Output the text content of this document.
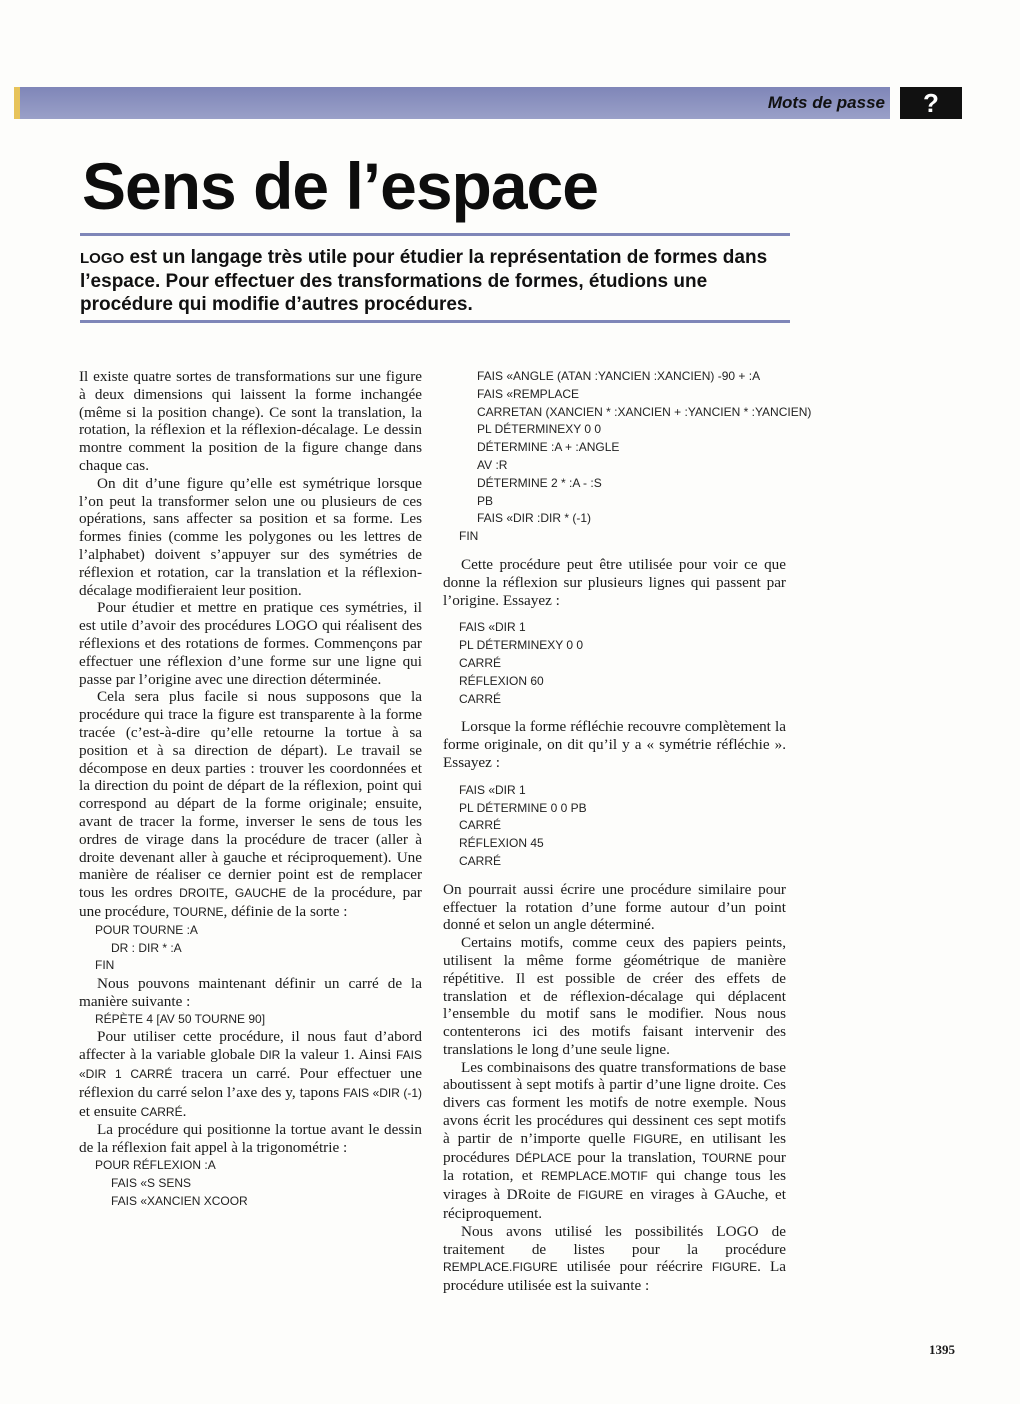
Mots de passe	?
Sens de l’espace
LOGO est un langage très utile pour étudier la représentation de formes dans l’espace. Pour effectuer des transformations de formes, étudions une procédure qui modifie d’autres procédures.

Il existe quatre sortes de transformations sur une figure à deux dimensions qui laissent la forme inchangée (même si la position change). Ce sont la translation, la rotation, la réflexion et la réflexion-décalage. Le dessin montre comment la position de la figure change dans chaque cas.

On dit d’une figure qu’elle est symétrique lorsque l’on peut la transformer selon une ou plusieurs de ces opérations, sans affecter sa position et sa forme. Les formes finies (comme les polygones ou les lettres de l’alphabet) doivent s’appuyer sur des symétries de réflexion et rotation, car la translation et la réflexion-décalage modifieraient leur position.

Pour étudier et mettre en pratique ces symétries, il est utile d’avoir des procédures LOGO qui réalisent des réflexions et des rotations de formes. Commençons par effectuer une réflexion d’une forme sur une ligne qui passe par l’origine avec une direction déterminée.

Cela sera plus facile si nous supposons que la procédure qui trace la figure est transparente à la forme tracée (c’est-à-dire qu’elle retourne la tortue à sa position et à sa direction de départ). Le travail se décompose en deux parties : trouver les coordonnées et la direction du point de départ de la réflexion, point qui correspond au départ de la forme originale; ensuite, avant de tracer la forme, inverser le sens de tous les ordres de virage dans la procédure de tracer (aller à droite devenant aller à gauche et réciproquement). Une manière de réaliser ce dernier point est de remplacer tous les ordres DROITE, GAUCHE de la procédure, par une procédure, TOURNE, définie de la sorte :

POUR TOURNE :A
DR : DIR * :A
FIN

Nous pouvons maintenant définir un carré de la manière suivante :

RÉPÈTE 4 [AV 50 TOURNE 90]

Pour utiliser cette procédure, il nous faut d’abord affecter à la variable globale DIR la valeur 1. Ainsi FAIS «DIR 1 CARRÉ tracera un carré. Pour effectuer une réflexion du carré selon l’axe des y, tapons FAIS «DIR (-1) et ensuite CARRÉ.

La procédure qui positionne la tortue avant le dessin de la réflexion fait appel à la trigonométrie :

POUR RÉFLEXION :A
FAIS «S SENS
FAIS «XANCIEN XCOOR
FAIS «ANGLE (ATAN :YANCIEN :XANCIEN) -90 + :A
FAIS «REMPLACE
CARRETAN (XANCIEN * :XANCIEN + :YANCIEN * :YANCIEN)
PL DÉTERMINEXY 0 0
DÉTERMINE :A + :ANGLE
AV :R
DÉTERMINE 2 * :A - :S
PB
FAIS «DIR :DIR * (-1)
FIN

Cette procédure peut être utilisée pour voir ce que donne la réflexion sur plusieurs lignes qui passent par l’origine. Essayez :

FAIS «DIR 1
PL DÉTERMINEXY 0 0
CARRÉ
RÉFLEXION 60
CARRÉ

Lorsque la forme réfléchie recouvre complètement la forme originale, on dit qu’il y a « symétrie réfléchie ». Essayez :

FAIS «DIR 1
PL DÉTERMINE 0 0 PB
CARRÉ
RÉFLEXION 45
CARRÉ

On pourrait aussi écrire une procédure similaire pour effectuer la rotation d’une forme autour d’un point donné et selon un angle déterminé.

Certains motifs, comme ceux des papiers peints, utilisent la même forme géométrique de manière répétitive. Il est possible de créer des effets de translation et de réflexion-décalage qui déplacent l’ensemble du motif sans le modifier. Nous nous contenterons ici des motifs faisant intervenir des translations le long d’une seule ligne.

Les combinaisons des quatre transformations de base aboutissent à sept motifs à partir d’une ligne droite. Ces divers cas forment les motifs de notre exemple. Nous avons écrit les procédures qui dessinent ces sept motifs à partir de n’importe quelle FIGURE, en utilisant les procédures DÉPLACE pour la translation, TOURNE pour la rotation, et REMPLACE.MOTIF qui change tous les virages à DRoite de FIGURE en virages à GAuche, et réciproquement.

Nous avons utilisé les possibilités LOGO de traitement de listes pour la procédure REMPLACE.FIGURE utilisée pour réécrire FIGURE. La procédure utilisée est la suivante :

1395
